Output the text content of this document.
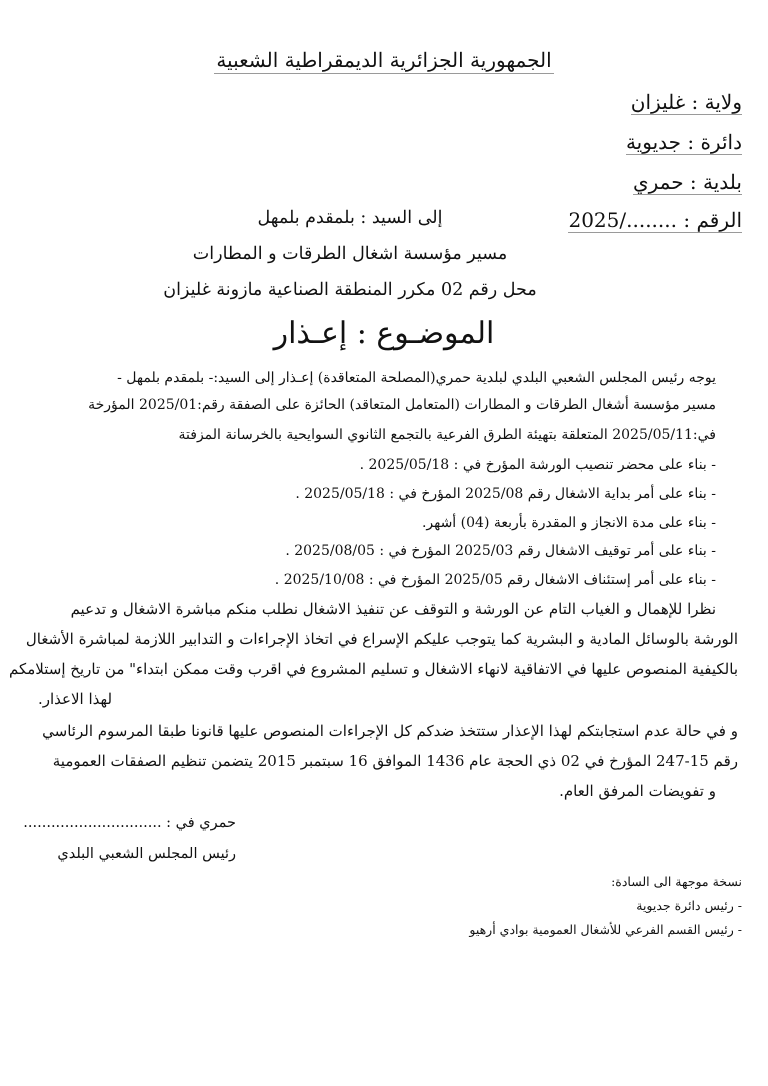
الجمهورية الجزائرية الديمقراطية الشعبية
ولاية : غليزان
دائرة : جديوية
بلدية : حمري
الرقم : ......../2025
إلى السيد : بلمقدم بلمهل
مسير مؤسسة اشغال الطرقات و المطارات
محل رقم 02 مكرر المنطقة الصناعية مازونة غليزان
الموضـوع : إعـذار
يوجه رئيس المجلس الشعبي البلدي لبلدية حمري(المصلحة المتعاقدة) إعـذار إلى السيد:- بلمقدم بلمهل -
مسير مؤسسة أشغال الطرقات و المطارات (المتعامل المتعاقد) الحائزة على الصفقة رقم:2025/01 المؤرخة
في:2025/05/11 المتعلقة بتهيئة الطرق الفرعية بالتجمع الثانوي السوايحية بالخرسانة المزفتة
- بناء على محضر تنصيب الورشة المؤرخ في : 2025/05/18 .
- بناء على أمر بداية الاشغال رقم 2025/08 المؤرخ في : 2025/05/18 .
- بناء على مدة الانجاز و المقدرة بأربعة (04) أشهر.
- بناء على أمر توقيف الاشغال رقم 2025/03 المؤرخ في : 2025/08/05 .
- بناء على أمر إستئناف الاشغال رقم 2025/05 المؤرخ في : 2025/10/08 .
نظرا للإهمال و الغياب التام عن الورشة و التوقف عن تنفيذ الاشغال نطلب منكم مباشرة الاشغال و تدعيم
الورشة بالوسائل المادية و البشرية كما يتوجب عليكم الإسراع في اتخاذ الإجراءات و التدابير اللازمة لمباشرة الأشغال
بالكيفية المنصوص عليها في الاتفاقية لانهاء الاشغال و تسليم المشروع في اقرب وقت ممكن ابتداء" من تاريخ إستلامكم
لهذا الاعذار.
و في حالة عدم استجابتكم لهذا الإعذار ستتخذ ضدكم كل الإجراءات المنصوص عليها قانونا طبقا المرسوم الرئاسي
رقم 15-247 المؤرخ في 02 ذي الحجة عام 1436 الموافق 16 سبتمبر 2015 يتضمن تنظيم الصفقات العمومية
و تفويضات المرفق العام.
حمري في : ..............................
رئيس المجلس الشعبي البلدي
نسخة موجهة الى السادة:
- رئيس دائرة جديوية
- رئيس القسم الفرعي للأشغال العمومية بوادي أرهيو
